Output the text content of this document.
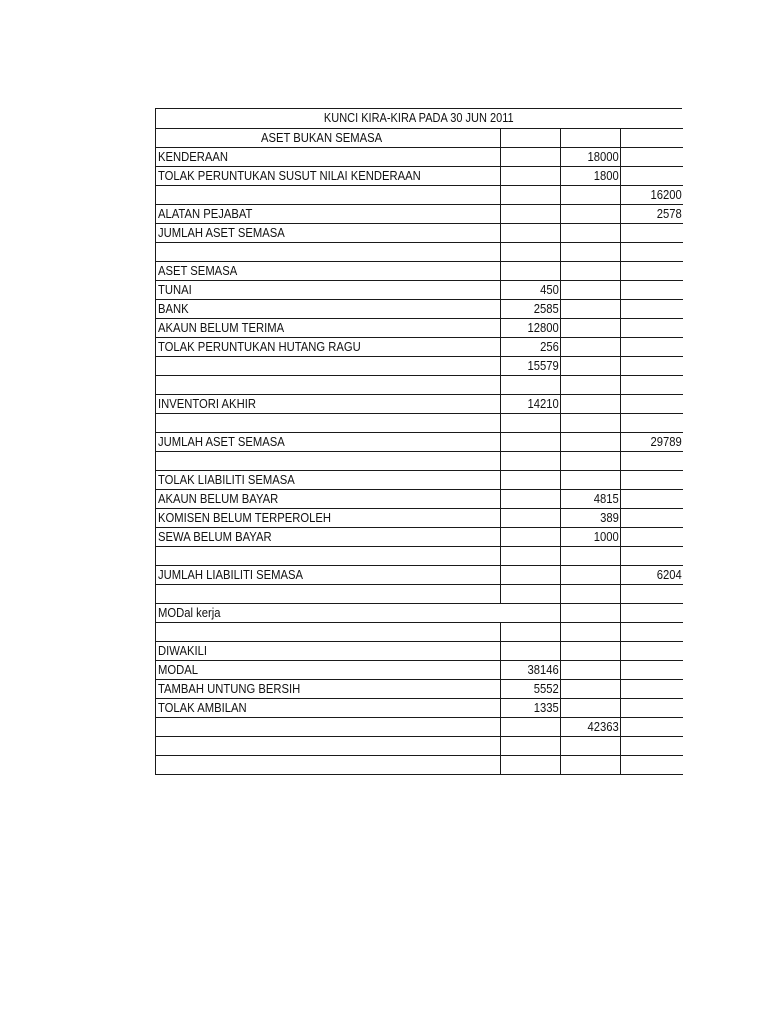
KUNCI KIRA-KIRA PADA 30 JUN 2011
ASET BUKAN SEMASA			
KENDERAAN		18000	
TOLAK PERUNTUKAN SUSUT NILAI KENDERAAN		1800	
			16200
ALATAN PEJABAT			2578
JUMLAH ASET SEMASA			

ASET SEMASA			
TUNAI	450		
BANK	2585		
AKAUN BELUM TERIMA	12800		
TOLAK PERUNTUKAN HUTANG RAGU	256		
	15579		

INVENTORI AKHIR	14210		

JUMLAH ASET SEMASA			29789

TOLAK LIABILITI SEMASA			
AKAUN BELUM BAYAR		4815	
KOMISEN BELUM TERPEROLEH		389	
SEWA BELUM BAYAR		1000	

JUMLAH LIABILITI SEMASA			6204

MODal kerja			

DIWAKILI			
MODAL	38146		
TAMBAH UNTUNG BERSIH	5552		
TOLAK AMBILAN	1335		
		42363	
